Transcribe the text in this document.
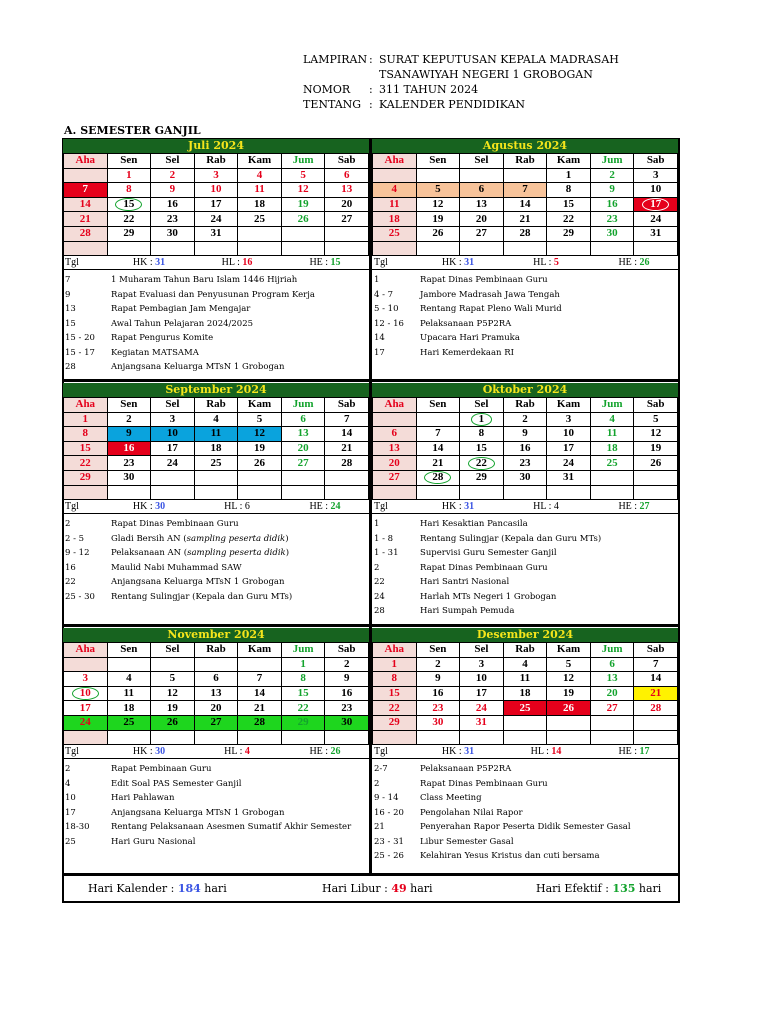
LAMPIRAN : SURAT KEPUTUSAN KEPALA MADRASAH
TSANAWIYAH NEGERI 1 GROBOGAN
NOMOR	: 311 TAHUN 2024
TENTANG : KALENDER PENDIDIKAN
A. SEMESTER GANJIL
Juli 2024
Aha	Sen	Sel	Rab	Kam	Jum	Sab
	1	2	3	4	5	6
7	8	9	10	11	12	13
14	15	16	17	18	19	20
21	22	23	24	25	26	27
28	29	30	31			

Tgl	HK : 31	HL : 16	HE : 15
7	1 Muharam Tahun Baru Islam 1446 Hijriah
9	Rapat Evaluasi dan Penyusunan Program Kerja
13	Rapat Pembagian Jam Mengajar
15	Awal Tahun Pelajaran 2024/2025
15 - 20	Rapat Pengurus Komite
15 - 17	Kegiatan MATSAMA
28	Anjangsana Keluarga MTsN 1 Grobogan
Agustus 2024
Aha	Sen	Sel	Rab	Kam	Jum	Sab
				1	2	3
4	5	6	7	8	9	10
11	12	13	14	15	16	17
18	19	20	21	22	23	24
25	26	27	28	29	30	31

Tgl	HK : 31	HL : 5	HE : 26
1	Rapat Dinas Pembinaan Guru
4 - 7	Jambore Madrasah Jawa Tengah
5 - 10	Rentang Rapat Pleno Wali Murid
12 - 16	Pelaksanaan P5P2RA
14	Upacara Hari Pramuka
17	Hari Kemerdekaan RI
September 2024
Aha	Sen	Sel	Rab	Kam	Jum	Sab
1	2	3	4	5	6	7
8	9	10	11	12	13	14
15	16	17	18	19	20	21
22	23	24	25	26	27	28
29	30					

Tgl	HK : 30	HL : 6	HE : 24
2	Rapat Dinas Pembinaan Guru
2 - 5	Gladi Bersih AN (sampling peserta didik)
9 - 12	Pelaksanaan AN (sampling peserta didik)
16	Maulid Nabi Muhammad SAW
22	Anjangsana Keluarga MTsN 1 Grobogan
25 - 30	Rentang Sulingjar (Kepala dan Guru MTs)
Oktober 2024
Aha	Sen	Sel	Rab	Kam	Jum	Sab
		1	2	3	4	5
6	7	8	9	10	11	12
13	14	15	16	17	18	19
20	21	22	23	24	25	26
27	28	29	30	31		

Tgl	HK : 31	HL : 4	HE : 27
1	Hari Kesaktian Pancasila
1 - 8	Rentang Sulingjar (Kepala dan Guru MTs)
1 - 31	Supervisi Guru Semester Ganjil
2	Rapat Dinas Pembinaan Guru
22	Hari Santri Nasional
24	Harlah MTs Negeri 1 Grobogan
28	Hari Sumpah Pemuda
November 2024
Aha	Sen	Sel	Rab	Kam	Jum	Sab
					1	2
3	4	5	6	7	8	9
10	11	12	13	14	15	16
17	18	19	20	21	22	23
24	25	26	27	28	29	30

Tgl	HK : 30	HL : 4	HE : 26
2	Rapat Pembinaan Guru
4	Edit Soal PAS Semester Ganjil
10	Hari Pahlawan
17	Anjangsana Keluarga MTsN 1 Grobogan
18-30	Rentang Pelaksanaan Asesmen Sumatif Akhir Semester
25	Hari Guru Nasional
Desember 2024
Aha	Sen	Sel	Rab	Kam	Jum	Sab
1	2	3	4	5	6	7
8	9	10	11	12	13	14
15	16	17	18	19	20	21
22	23	24	25	26	27	28
29	30	31				

Tgl	HK : 31	HL : 14	HE : 17
2-7	Pelaksanaan P5P2RA
2	Rapat Dinas Pembinaan Guru
9 - 14	Class Meeting
16 - 20	Pengolahan Nilai Rapor
21	Penyerahan Rapor Peserta Didik Semester Gasal
23 - 31	Libur Semester Gasal
25 - 26	Kelahiran Yesus Kristus dan cuti bersama
Hari Kalender : 184 hari	Hari Libur : 49 hari	Hari Efektif : 135 hari
